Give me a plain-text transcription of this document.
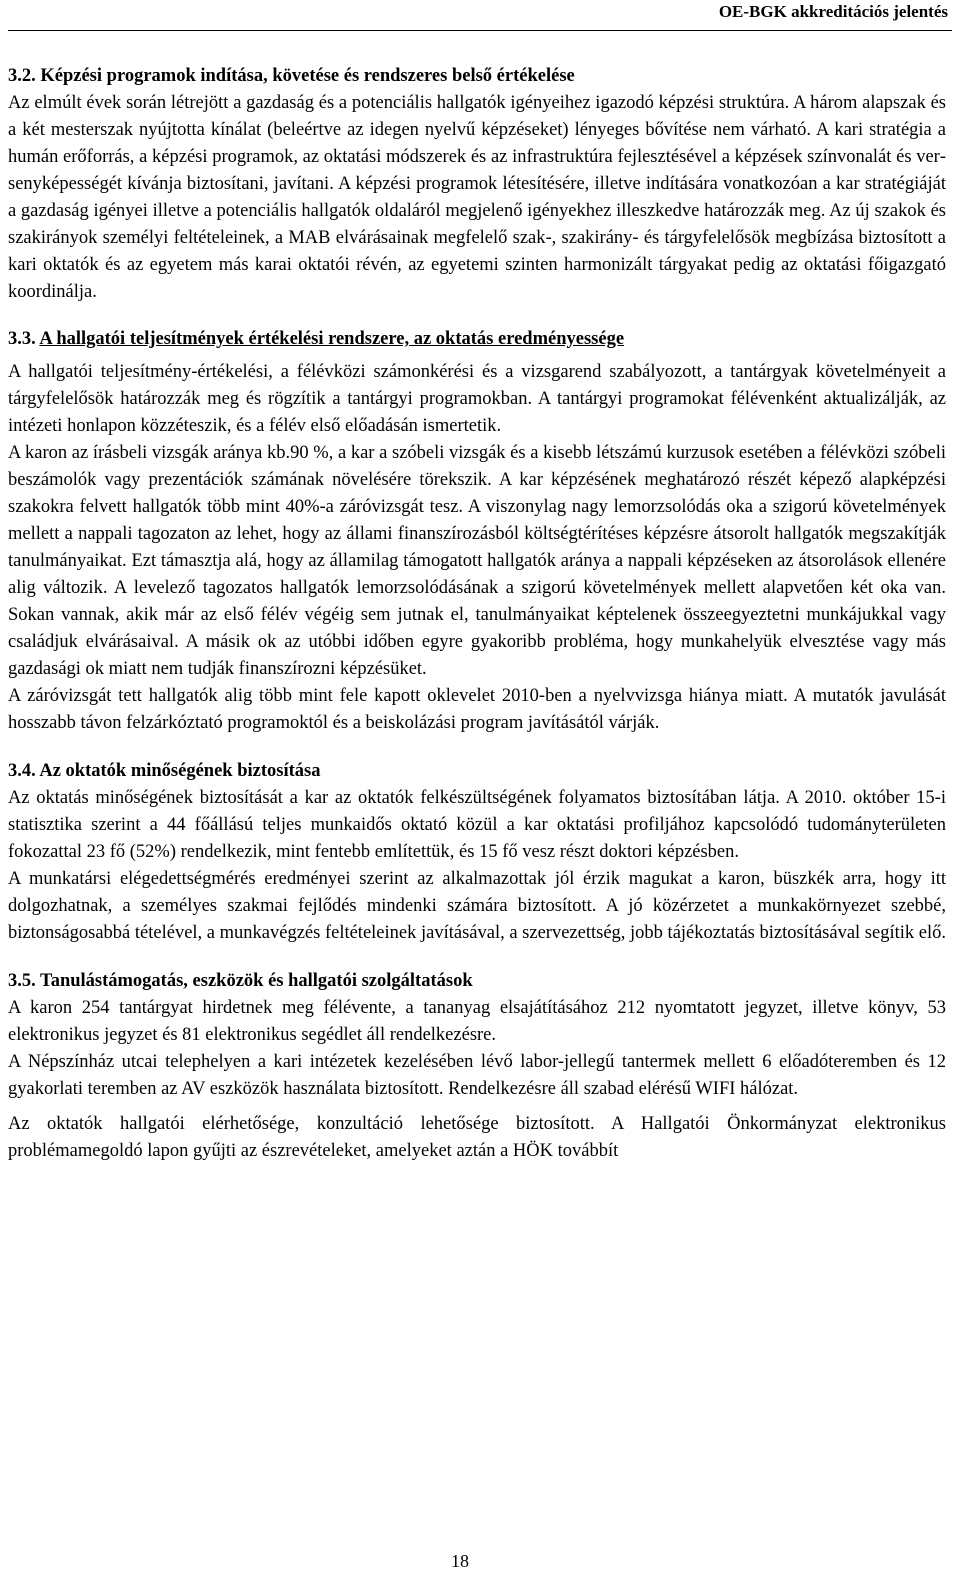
OE-BGK akkreditációs jelentés
3.2. Képzési programok indítása, követése és rendszeres belső értékelése

Az elmúlt évek során létrejött a gazdaság és a potenciális hallgatók igényeihez igazodó képzési struktúra. A három alapszak és a két mesterszak nyújtotta kínálat (beleértve az idegen nyelvű képzéseket) lényeges bővítése nem várható. A kari stratégia a humán erőforrás, a képzési programok, az oktatási módszerek és az infrastruktúra fejlesztésével a képzések színvonalát és versenyképességét kívánja biztosítani, javítani. A képzési programok létesítésére, illetve indítására vonatkozóan a kar stratégiáját a gazdaság igényei illetve a potenciális hallgatók oldaláról megjelenő igényekhez illeszkedve határozzák meg. Az új szakok és szakirányok személyi feltételeinek, a MAB elvárásainak megfelelő szak-, szakirány- és tárgyfelelősök megbízása biztosított a kari oktatók és az egyetem más karai oktatói révén, az egyetemi szinten harmonizált tárgyakat pedig az oktatási főigazgató koordinálja.

3.3. A hallgatói teljesítmények értékelési rendszere, az oktatás eredményessége

A hallgatói teljesítmény-értékelési, a félévközi számonkérési és a vizsgarend szabályozott, a tantárgyak követelményeit a tárgyfelelősök határozzák meg és rögzítik a tantárgyi programokban. A tantárgyi programokat félévenként aktualizálják, az intézeti honlapon közzéteszik, és a félév első előadásán ismertetik.

A karon az írásbeli vizsgák aránya kb.90 %, a kar a szóbeli vizsgák és a kisebb létszámú kurzusok esetében a félévközi szóbeli beszámolók vagy prezentációk számának növelésére törekszik. A kar képzésének meghatározó részét képező alapképzési szakokra felvett hallgatók több mint 40%-a záróvizsgát tesz. A viszonylag nagy lemorzsolódás oka a szigorú követelmények mellett a nappali tagozaton az lehet, hogy az állami finanszírozásból költségtérítéses képzésre átsorolt hallgatók megszakítják tanulmányaikat. Ezt támasztja alá, hogy az államilag támogatott hallgatók aránya a nappali képzéseken az átsorolások ellenére alig változik. A levelező tagozatos hallgatók lemorzsolódásának a szigorú követelmények mellett alapvetően két oka van. Sokan vannak, akik már az első félév végéig sem jutnak el, tanulmányaikat képtelenek összeegyeztetni munkájukkal vagy családjuk elvárásaival. A másik ok az utóbbi időben egyre gyakoribb probléma, hogy munkahelyük elvesztése vagy más gazdasági ok miatt nem tudják finanszírozni képzésüket.

A záróvizsgát tett hallgatók alig több mint fele kapott oklevelet 2010-ben a nyelvvizsga hiánya miatt. A mutatók javulását hosszabb távon felzárkóztató programoktól és a beiskolázási program javításától várják.

3.4. Az oktatók minőségének biztosítása

Az oktatás minőségének biztosítását a kar az oktatók felkészültségének folyamatos biztosítában látja. A 2010. október 15-i statisztika szerint a 44 főállású teljes munkaidős oktató közül a kar oktatási profiljához kapcsolódó tudományterületen fokozattal 23 fő (52%) rendelkezik, mint fentebb említettük, és 15 fő vesz részt doktori képzésben.

A munkatársi elégedettségmérés eredményei szerint az alkalmazottak jól érzik magukat a karon, büszkék arra, hogy itt dolgozhatnak, a személyes szakmai fejlődés mindenki számára biztosított. A jó közérzetet a munkakörnyezet szebbé, biztonságosabbá tételével, a munkavégzés feltételeinek javításával, a szervezettség, jobb tájékoztatás biztosításával segítik elő.

3.5. Tanulástámogatás, eszközök és hallgatói szolgáltatások

A karon 254 tantárgyat hirdetnek meg félévente, a tananyag elsajátításához 212 nyomtatott jegyzet, illetve könyv, 53 elektronikus jegyzet és 81 elektronikus segédlet áll rendelkezésre.

A Népszínház utcai telephelyen a kari intézetek kezelésében lévő labor-jellegű tantermek mellett 6 előadóteremben és 12 gyakorlati teremben az AV eszközök használata biztosított. Rendelkezésre áll szabad elérésű WIFI hálózat.

Az oktatók hallgatói elérhetősége, konzultáció lehetősége biztosított. A Hallgatói Önkormányzat elektronikus problémamegoldó lapon gyűjti az észrevételeket, amelyeket aztán a HÖK továbbít

18
